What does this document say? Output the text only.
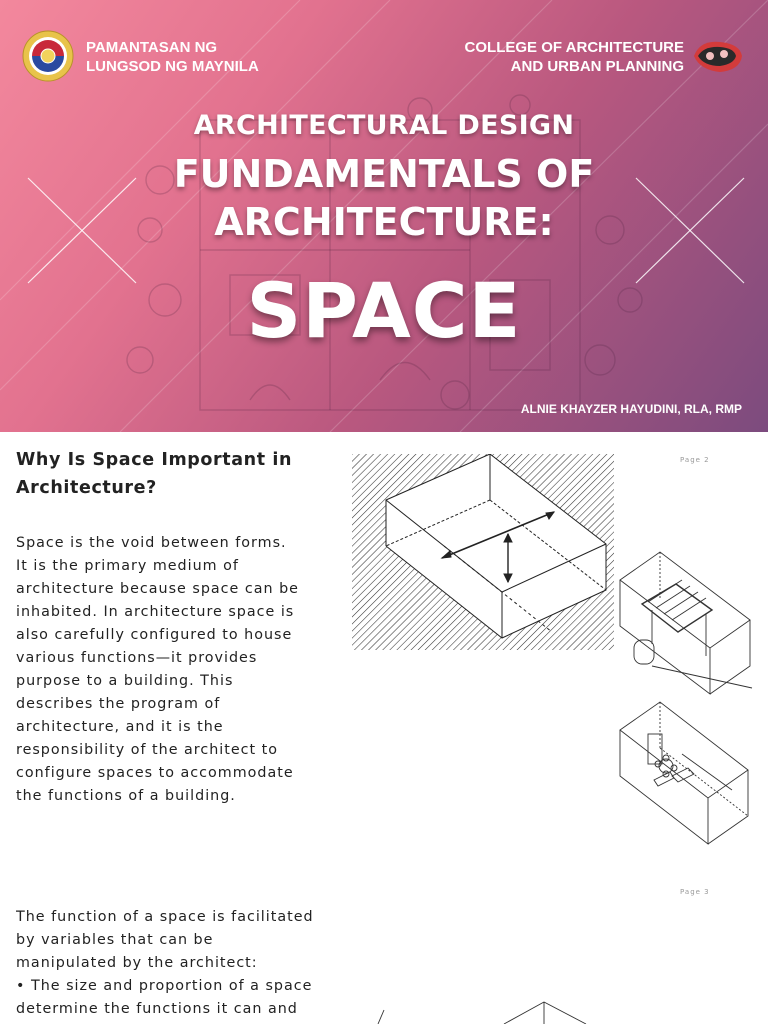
PAMANTASAN NG
LUNGSOD NG MAYNILA
COLLEGE OF ARCHITECTURE
AND URBAN PLANNING
ARCHITECTURAL DESIGN
FUNDAMENTALS OF
ARCHITECTURE:
SPACE
ALNIE KHAYZER HAYUDINI, RLA, RMP
Why Is Space Important in
Architecture?
Space is the void between forms.
It is the primary medium of
architecture because space can be
inhabited. In architecture space is
also carefully configured to house
various functions—it provides
purpose to a building. This
describes the program of
architecture, and it is the
responsibility of the architect to
configure spaces to accommodate
the functions of a building.
Page 2
Page 3
The function of a space is facilitated
by variables that can be
manipulated by the architect:
• The size and proportion of a space
determine the functions it can and
